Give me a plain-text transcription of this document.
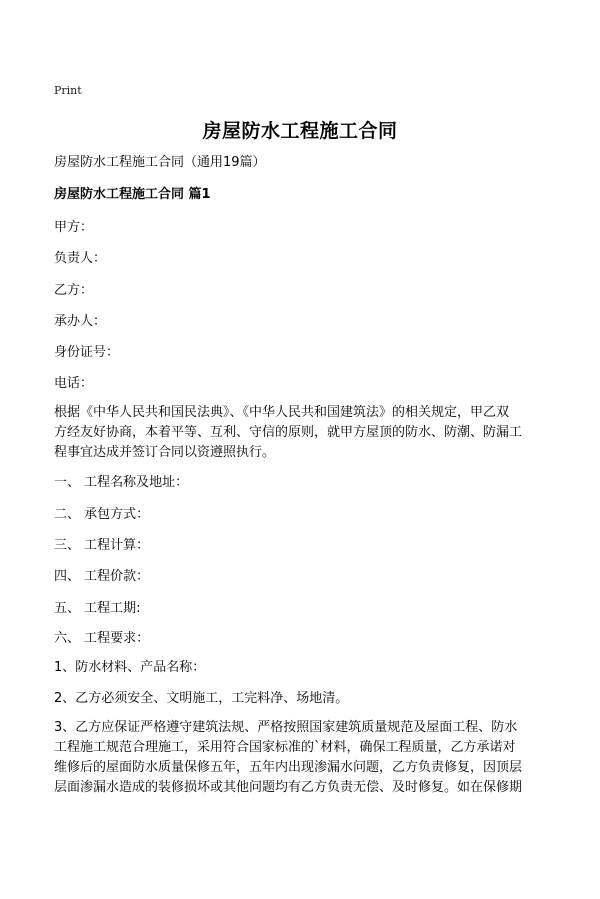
Print
房屋防水工程施工合同
房屋防水工程施工合同（通用19篇）
房屋防水工程施工合同 篇1
甲方：
负责人：
乙方：
承办人：
身份证号：
电话：
根据《中华人民共和国民法典》、《中华人民共和国建筑法》的相关规定，甲乙双
方经友好协商，本着平等、互利、守信的原则，就甲方屋顶的防水、防潮、防漏工
程事宜达成并签订合同以资遵照执行。
一、 工程名称及地址：
二、 承包方式：
三、 工程计算：
四、 工程价款：
五、 工程工期:
六、 工程要求：
1、防水材料、产品名称：
2、乙方必须安全、文明施工，工完料净、场地清。
3、乙方应保证严格遵守建筑法规、严格按照国家建筑质量规范及屋面工程、防水
工程施工规范合理施工，采用符合国家标准的`材料，确保工程质量，乙方承诺对
维修后的屋面防水质量保修五年，五年内出现渗漏水问题，乙方负责修复，因顶层
层面渗漏水造成的装修损坏或其他问题均有乙方负责无偿、及时修复。如在保修期
